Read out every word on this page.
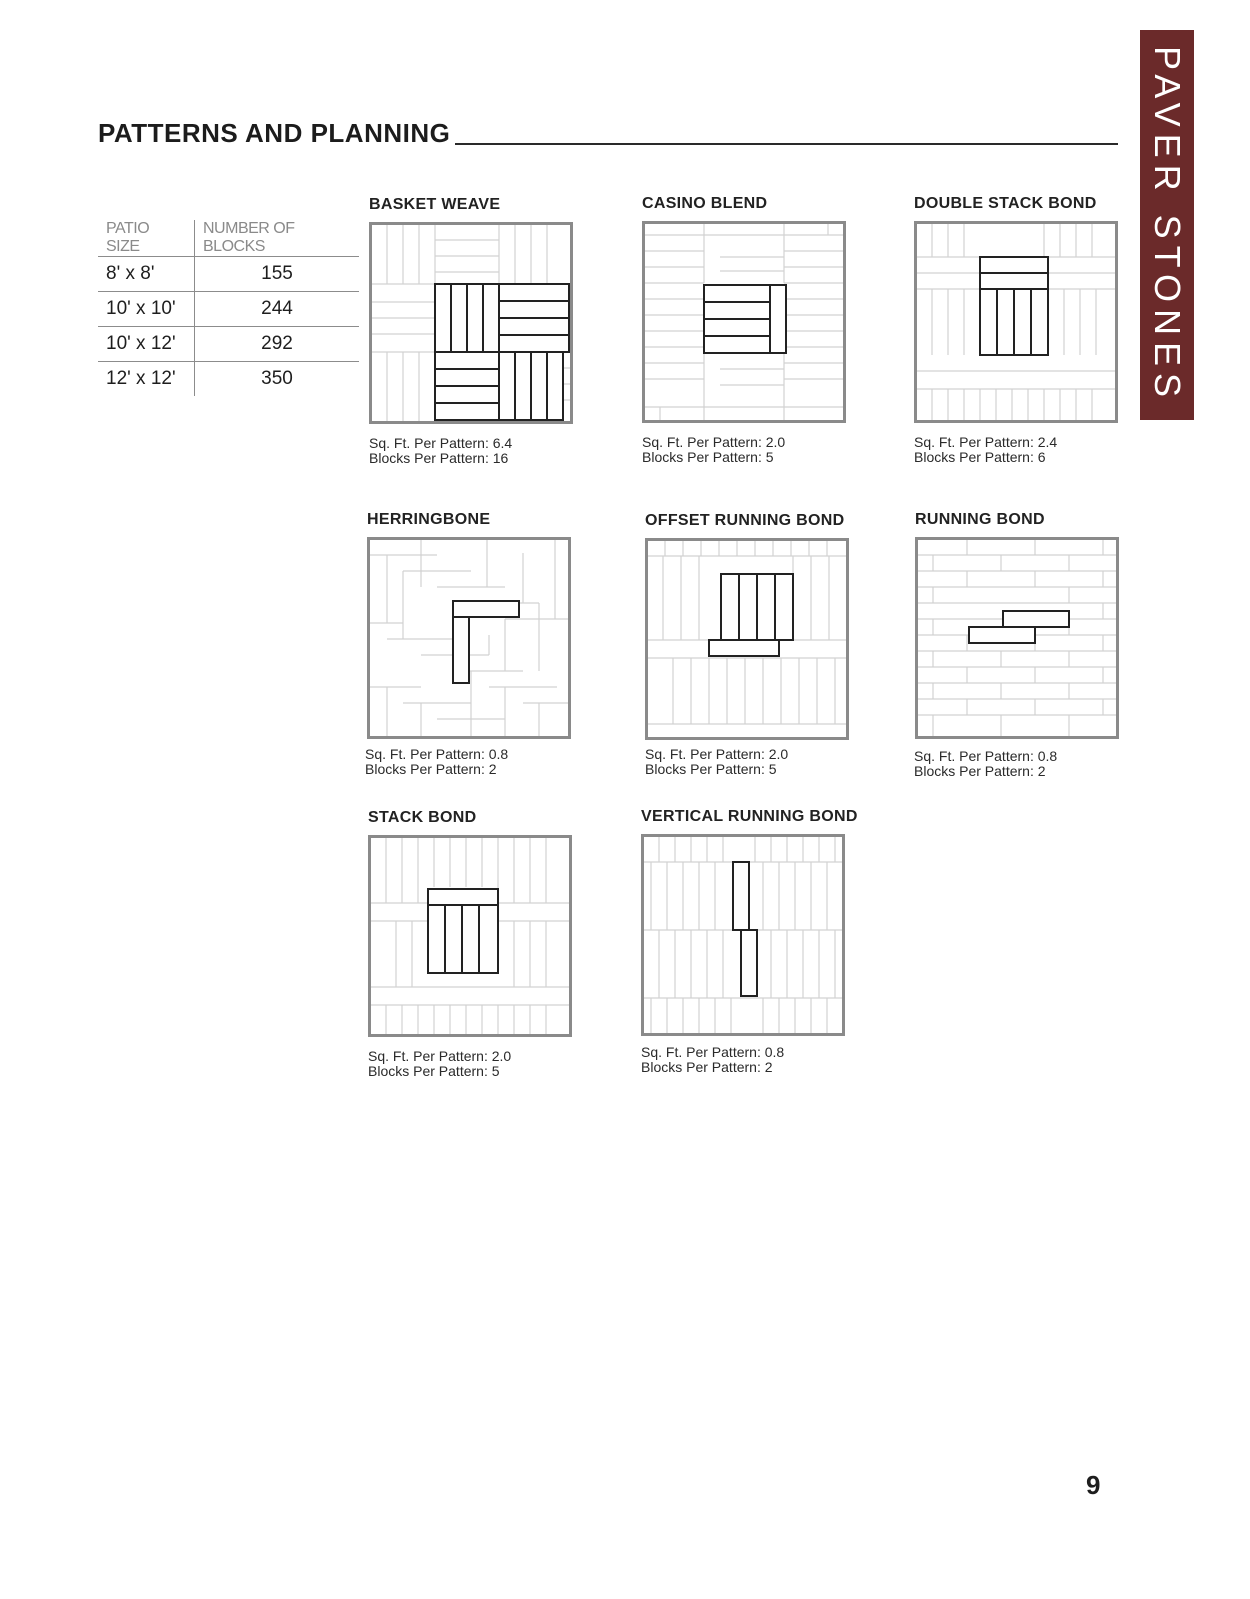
PATTERNS AND PLANNING	PAVER STONES
PATIO SIZE	NUMBER OF BLOCKS
8' x 8'	155
10' x 10'	244
10' x 12'	292
12' x 12'	350
BASKET WEAVE
Sq. Ft. Per Pattern: 6.4
Blocks Per Pattern: 16
CASINO BLEND
Sq. Ft. Per Pattern: 2.0
Blocks Per Pattern: 5
DOUBLE STACK BOND
Sq. Ft. Per Pattern: 2.4
Blocks Per Pattern: 6
HERRINGBONE
Sq. Ft. Per Pattern: 0.8
Blocks Per Pattern: 2
OFFSET RUNNING BOND
Sq. Ft. Per Pattern: 2.0
Blocks Per Pattern: 5
RUNNING BOND
Sq. Ft. Per Pattern: 0.8
Blocks Per Pattern: 2
STACK BOND
Sq. Ft. Per Pattern: 2.0
Blocks Per Pattern: 5
VERTICAL RUNNING BOND
Sq. Ft. Per Pattern: 0.8
Blocks Per Pattern: 2
9
